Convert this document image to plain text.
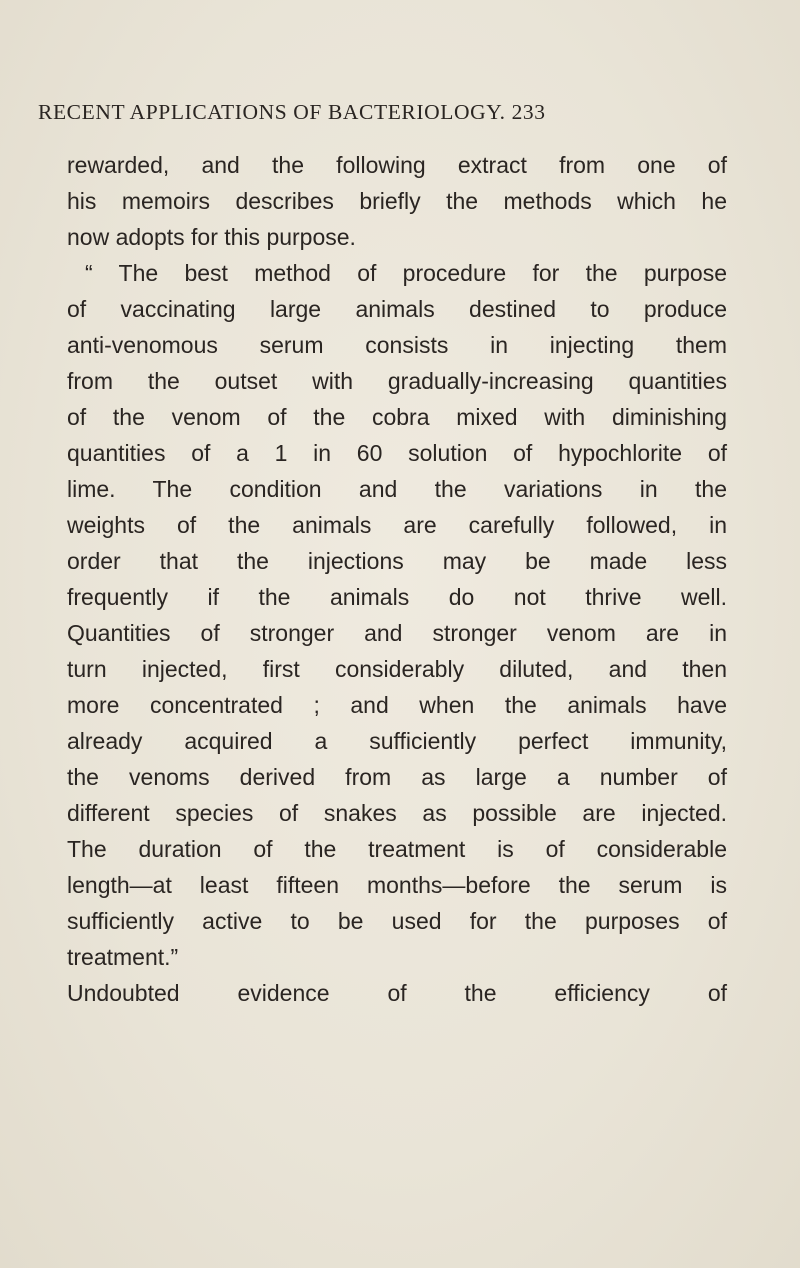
RECENT APPLICATIONS OF BACTERIOLOGY. 233
rewarded, and the following extract from one of
his memoirs describes briefly the methods which he
now adopts for this purpose.
“ The best method of procedure for the purpose
of vaccinating large animals destined to produce
anti-venomous serum consists in injecting them
from the outset with gradually-increasing quantities
of the venom of the cobra mixed with diminishing
quantities of a 1 in 60 solution of hypochlorite of
lime. The condition and the variations in the
weights of the animals are carefully followed, in
order that the injections may be made less
frequently if the animals do not thrive well.
Quantities of stronger and stronger venom are in
turn injected, first considerably diluted, and then
more concentrated ; and when the animals have
already acquired a sufficiently perfect immunity,
the venoms derived from as large a number of
different species of snakes as possible are injected.
The duration of the treatment is of considerable
length—at least fifteen months—before the serum is
sufficiently active to be used for the purposes of
treatment.”
Undoubted evidence of the efficiency of
